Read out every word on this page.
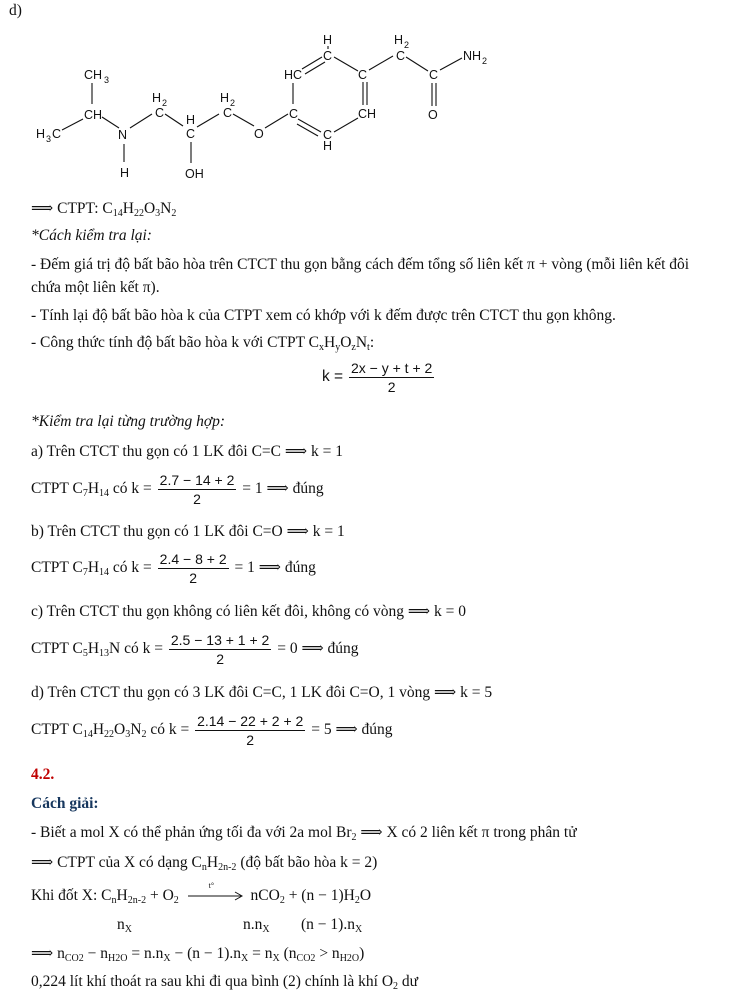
d)
CH 3
CH
H 3 C	N
H
H 2
C H
C
OH
H 2
C
O
C
HC
H
C
C
CH
C
H
H 2
C
C
O
NH 2
⟹ CTPT: $C_{14}H_{22}O_3N_2$
*Cách kiểm tra lại:
- Đếm giá trị độ bất bão hòa trên CTCT thu gọn bằng cách đếm tổng số liên kết π + vòng (mỗi liên kết đôi
chứa một liên kết π).
- Tính lại độ bất bão hòa k của CTPT xem có khớp với k đếm được trên CTCT thu gọn không.
- Công thức tính độ bất bão hòa k với CTPT $C_xH_yO_zN_t$:
$k = \frac{2x - y + t + 2}{2}$
*Kiểm tra lại từng trường hợp:
a) Trên CTCT thu gọn có 1 LK đôi C=C ⟹ k = 1
CTPT $C_7H_{14}$ có $k = \frac{2.7 - 14 + 2}{2} = 1$ ⟹ đúng
b) Trên CTCT thu gọn có 1 LK đôi C=O ⟹ k = 1
CTPT $C_7H_{14}$ có $k = \frac{2.4 - 8 + 2}{2} = 1$ ⟹ đúng
c) Trên CTCT thu gọn không có liên kết đôi, không có vòng ⟹ k = 0
CTPT $C_5H_{13}N$ có $k = \frac{2.5 - 13 + 1 + 2}{2} = 0$ ⟹ đúng
d) Trên CTCT thu gọn có 3 LK đôi C=C, 1 LK đôi C=O, 1 vòng ⟹ k = 5
CTPT $C_{14}H_{22}O_3N_2$ có $k = \frac{2.14 - 22 + 2 + 2}{2} = 5$ ⟹ đúng
4.2.
Cách giải:
- Biết a mol X có thể phản ứng tối đa với 2a mol $Br_2$ ⟹ X có 2 liên kết π trong phân tử
⟹ CTPT của X có dạng $C_nH_{2n-2}$ (độ bất bão hòa k = 2)
Khi đốt X: $C_nH_{2n-2} + O_2$
t°
$nCO_2 + (n - 1)H_2O$
$n_X$	$n.n_X$ $(n - 1).n_X$
⟹ $n_{CO2} - n_{H2O} = n.n_X - (n - 1).n_X = n_X$ $(n_{CO2} > n_{H2O})$
0,224 lít khí thoát ra sau khi đi qua bình (2) chính là khí $O_2$ dư
